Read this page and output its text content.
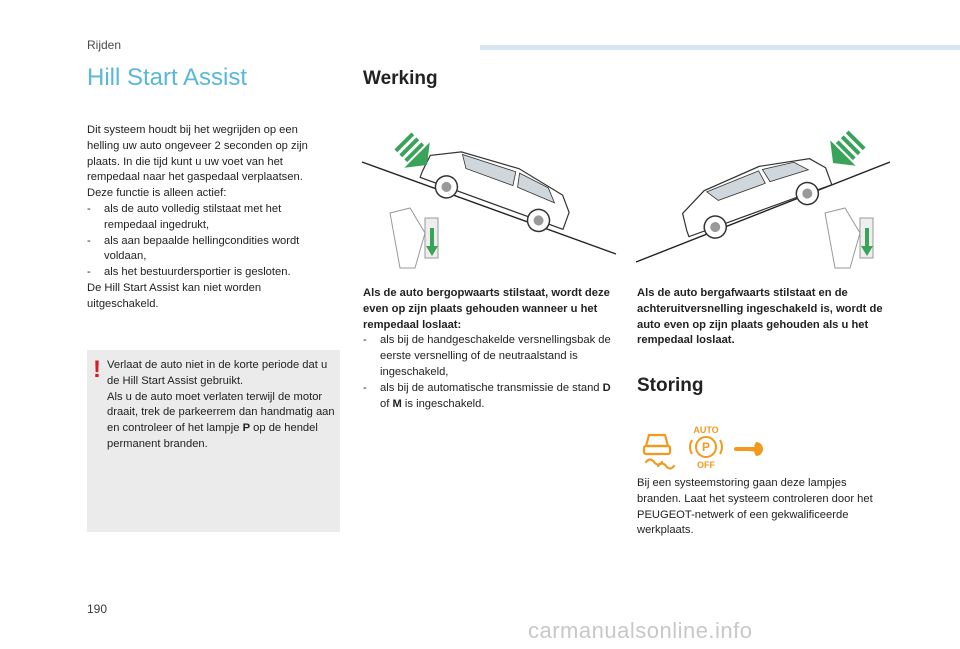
Rijden
Hill Start Assist

Dit systeem houdt bij het wegrijden op een helling uw auto ongeveer 2 seconden op zijn plaats. In die tijd kunt u uw voet van het rempedaal naar het gaspedaal verplaatsen.

Deze functie is alleen actief:

- als de auto volledig stilstaat met het rempedaal ingedrukt,
- als aan bepaalde hellingcondities wordt voldaan,
- als het bestuurdersportier is gesloten.

De Hill Start Assist kan niet worden uitgeschakeld.

! Verlaat de auto niet in de korte periode dat u de Hill Start Assist gebruikt.

Als u de auto moet verlaten terwijl de motor draait, trek de parkeerrem dan handmatig aan en controleer of het lampje P op de hendel permanent branden.

Werking

Als de auto bergopwaarts stilstaat, wordt deze even op zijn plaats gehouden wanneer u het rempedaal loslaat:

- als bij de handgeschakelde versnellingsbak de eerste versnelling of de neutraalstand is ingeschakeld,
- als bij de automatische transmissie de stand D of M is ingeschakeld.

Als de auto bergafwaarts stilstaat en de achteruitversnelling ingeschakeld is, wordt de auto even op zijn plaats gehouden als u het rempedaal loslaat.

Storing
AUTO
P
OFF
Bij een systeemstoring gaan deze lampjes branden. Laat het systeem controleren door het PEUGEOT-netwerk of een gekwalificeerde werkplaats.
190
carmanualsonline.info
